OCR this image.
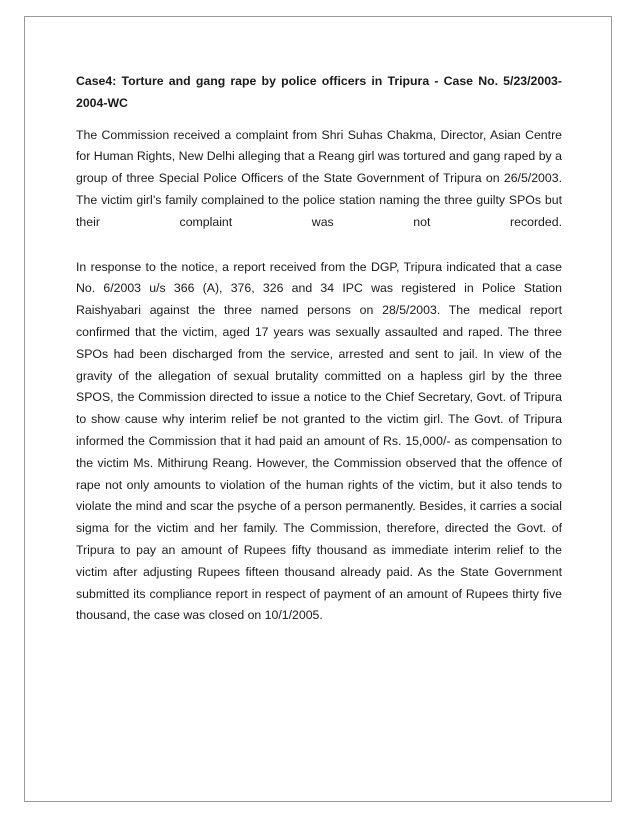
Case4: Torture and gang rape by police officers in Tripura - Case No. 5/23/2003-2004-WC

The Commission received a complaint from Shri Suhas Chakma, Director, Asian Centre for Human Rights, New Delhi alleging that a Reang girl was tortured and gang raped by a group of three Special Police Officers of the State Government of Tripura on 26/5/2003. The victim girl’s family complained to the police station naming the three guilty SPOs but their complaint was not recorded.

In response to the notice, a report received from the DGP, Tripura indicated that a case No. 6/2003 u/s 366 (A), 376, 326 and 34 IPC was registered in Police Station Raishyabari against the three named persons on 28/5/2003. The medical report confirmed that the victim, aged 17 years was sexually assaulted and raped. The three SPOs had been discharged from the service, arrested and sent to jail. In view of the gravity of the allegation of sexual brutality committed on a hapless girl by the three SPOS, the Commission directed to issue a notice to the Chief Secretary, Govt. of Tripura to show cause why interim relief be not granted to the victim girl. The Govt. of Tripura informed the Commission that it had paid an amount of Rs. 15,000/- as compensation to the victim Ms. Mithirung Reang. However, the Commission observed that the offence of rape not only amounts to violation of the human rights of the victim, but it also tends to violate the mind and scar the psyche of a person permanently. Besides, it carries a social sigma for the victim and her family. The Commission, therefore, directed the Govt. of Tripura to pay an amount of Rupees fifty thousand as immediate interim relief to the victim after adjusting Rupees fifteen thousand already paid. As the State Government submitted its compliance report in respect of payment of an amount of Rupees thirty five thousand, the case was closed on 10/1/2005.
